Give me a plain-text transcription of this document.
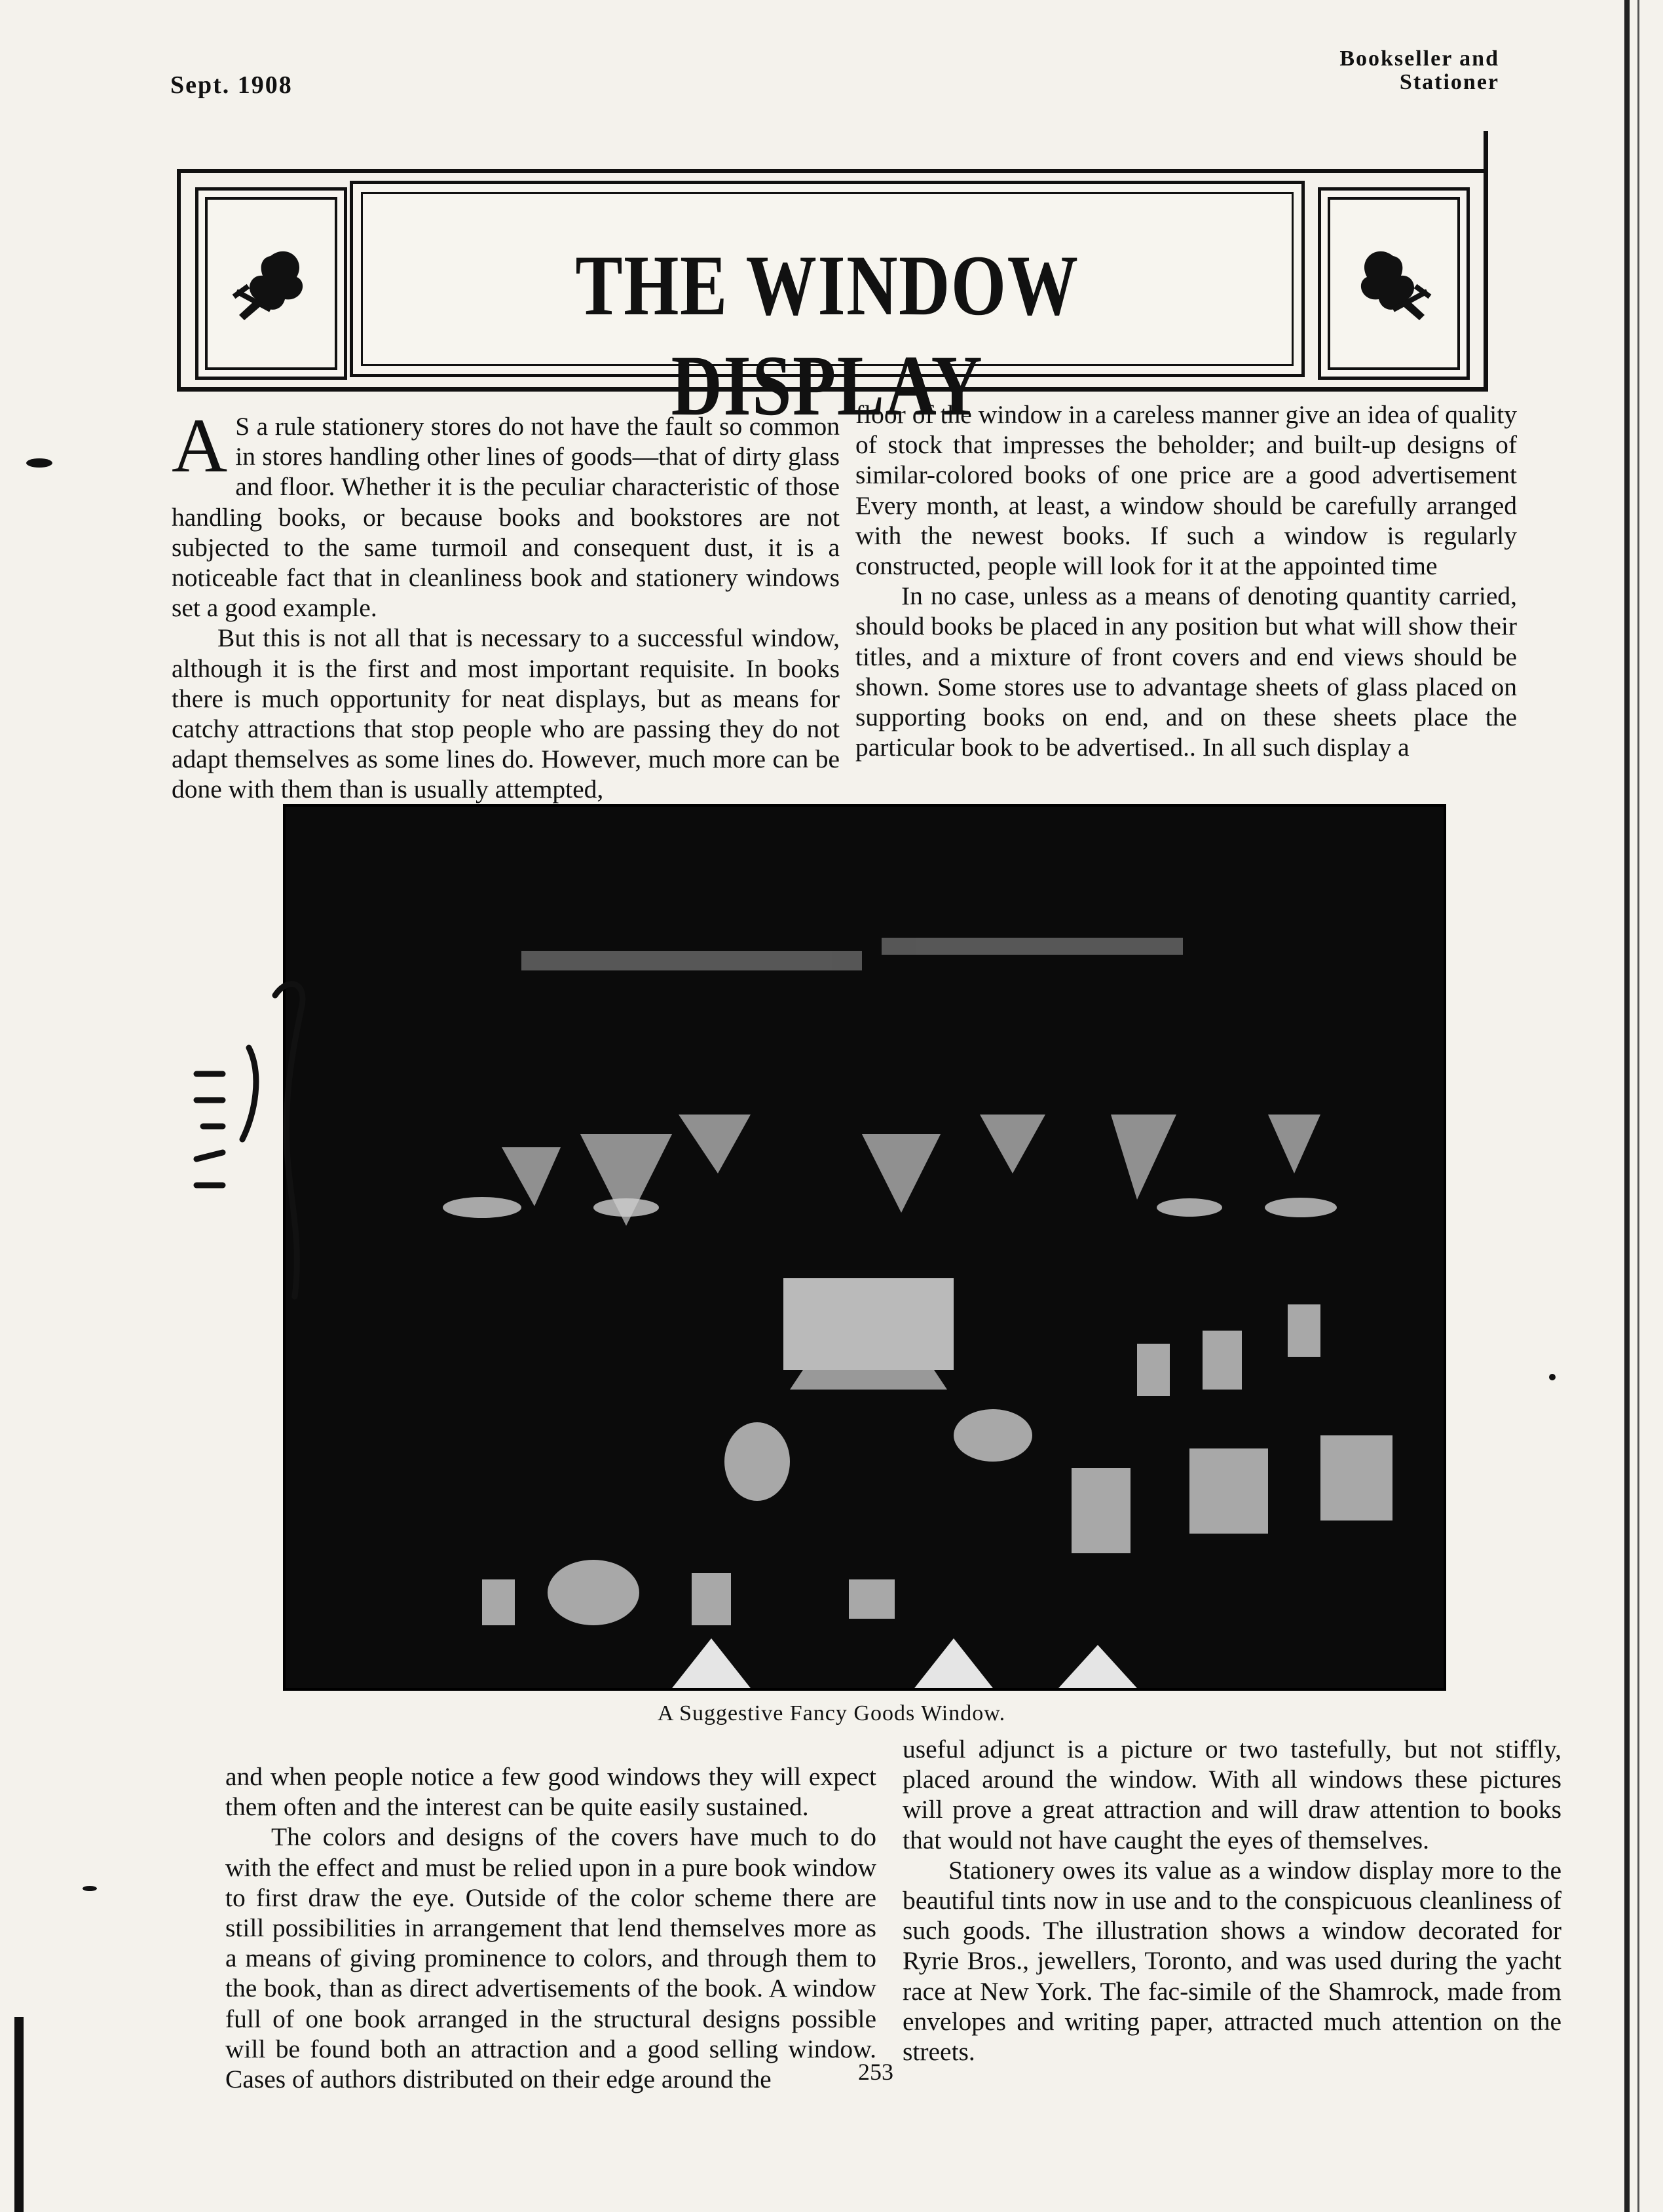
Sept. 1908
Bookseller and
Stationer
THE WINDOW DISPLAY

A S a rule stationery stores do not have the fault so common in stores handling other lines of goods—that of dirty glass and floor. Whether it is the peculiar characteristic of those handling books, or because books and bookstores are not subjected to the same turmoil and consequent dust, it is a noticeable fact that in cleanliness book and stationery windows set a good example.

But this is not all that is necessary to a successful window, although it is the first and most important requisite. In books there is much opportunity for neat displays, but as means for catchy attractions that stop people who are passing they do not adapt themselves as some lines do. However, much more can be done with them than is usually attempted,

floor of the window in a careless manner give an idea of quality of stock that impresses the beholder; and built-up designs of similar-colored books of one price are a good advertisement Every month, at least, a window should be carefully arranged with the newest books. If such a window is regularly constructed, people will look for it at the appointed time

In no case, unless as a means of denoting quantity carried, should books be placed in any position but what will show their titles, and a mixture of front covers and end views should be shown. Some stores use to advantage sheets of glass placed on supporting books on end, and on these sheets place the particular book to be advertised.. In all such display a

A Suggestive Fancy Goods Window.

and when people notice a few good windows they will expect them often and the interest can be quite easily sustained.

The colors and designs of the covers have much to do with the effect and must be relied upon in a pure book window to first draw the eye. Outside of the color scheme there are still possibilities in arrangement that lend themselves more as a means of giving prominence to colors, and through them to the book, than as direct advertisements of the book. A window full of one book arranged in the structural designs possible will be found both an attraction and a good selling window. Cases of authors distributed on their edge around the

useful adjunct is a picture or two tastefully, but not stiffly, placed around the window. With all windows these pictures will prove a great attraction and will draw attention to books that would not have caught the eyes of themselves.

Stationery owes its value as a window display more to the beautiful tints now in use and to the conspicuous cleanliness of such goods. The illustration shows a window decorated for Ryrie Bros., jewellers, Toronto, and was used during the yacht race at New York. The fac-simile of the Shamrock, made from envelopes and writing paper, attracted much attention on the streets.

253
